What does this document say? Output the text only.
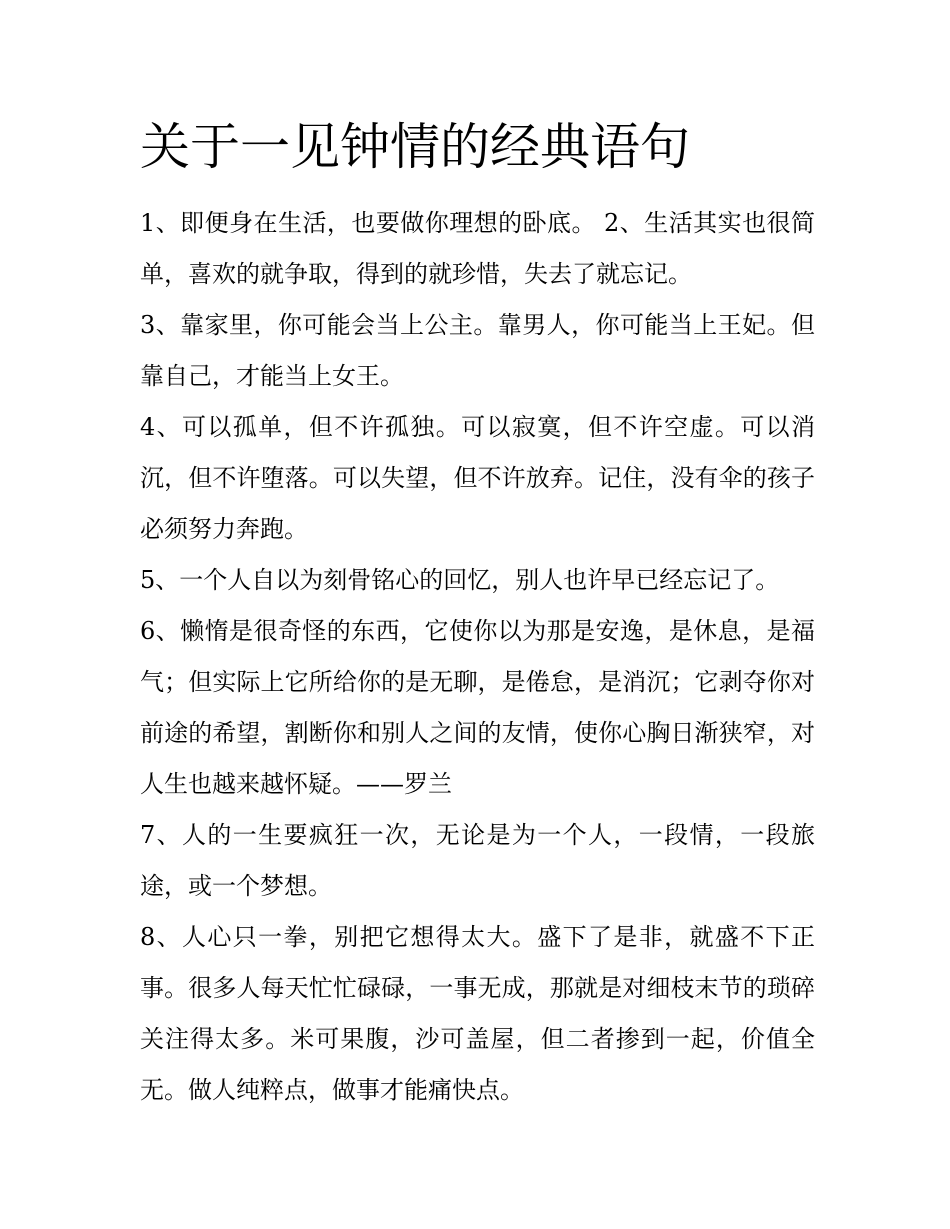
关于一见钟情的经典语句

1、即便身在生活，也要做你理想的卧底。 2、生活其实也很简单，喜欢的就争取，得到的就珍惜，失去了就忘记。

3、靠家里，你可能会当上公主。靠男人，你可能当上王妃。但靠自己，才能当上女王。

4、可以孤单，但不许孤独。可以寂寞，但不许空虚。可以消沉，但不许堕落。可以失望，但不许放弃。记住，没有伞的孩子必须努力奔跑。

5、一个人自以为刻骨铭心的回忆，别人也许早已经忘记了。

6、懒惰是很奇怪的东西，它使你以为那是安逸，是休息，是福气；但实际上它所给你的是无聊，是倦怠，是消沉；它剥夺你对前途的希望，割断你和别人之间的友情，使你心胸日渐狭窄，对人生也越来越怀疑。——罗兰

7、人的一生要疯狂一次，无论是为一个人，一段情，一段旅途，或一个梦想。

8、人心只一拳，别把它想得太大。盛下了是非，就盛不下正事。很多人每天忙忙碌碌，一事无成，那就是对细枝末节的琐碎关注得太多。米可果腹，沙可盖屋，但二者掺到一起，价值全无。做人纯粹点，做事才能痛快点。
